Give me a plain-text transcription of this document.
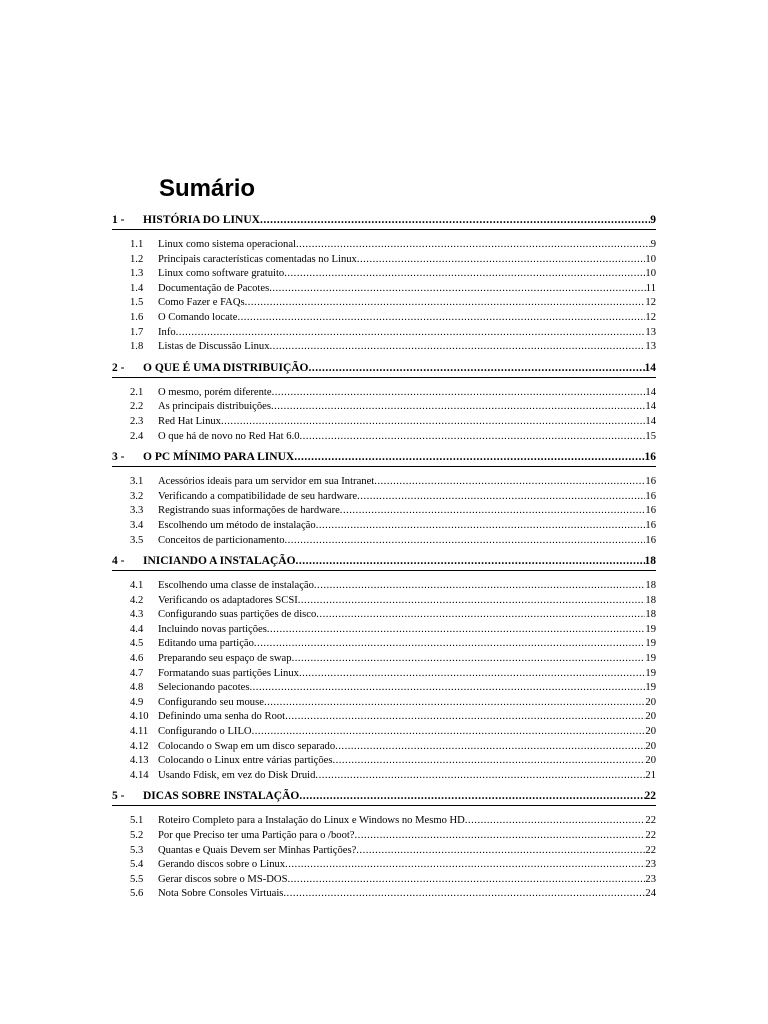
Sumário
1 -	HISTÓRIA DO LINUX .....	9
1.1	Linux como sistema operacional .....	9
1.2	Principais características comentadas no Linux .....	10
1.3	Linux como software gratuito .....	10
1.4	Documentação de Pacotes .....	11
1.5	Como Fazer e FAQs .....	12
1.6	O Comando locate .....	12
1.7	Info .....	13
1.8	Listas de Discussão Linux .....	13
2 -	O QUE É UMA DISTRIBUIÇÃO .....	14
2.1	O mesmo, porém diferente .....	14
2.2	As principais distribuições .....	14
2.3	Red Hat Linux .....	14
2.4	O que há de novo no Red Hat 6.0 .....	15
3 -	O PC MÍNIMO PARA LINUX .....	16
3.1	Acessórios ideais para um servidor em sua Intranet .....	16
3.2	Verificando a compatibilidade de seu hardware .....	16
3.3	Registrando suas informações de hardware .....	16
3.4	Escolhendo um método de instalação .....	16
3.5	Conceitos de particionamento .....	16
4 -	INICIANDO A INSTALAÇÃO .....	18
4.1	Escolhendo uma classe de instalação .....	18
4.2	Verificando os adaptadores SCSI .....	18
4.3	Configurando suas partições de disco .....	18
4.4	Incluindo novas partições .....	19
4.5	Editando uma partição .....	19
4.6	Preparando seu espaço de swap .....	19
4.7	Formatando suas partições Linux .....	19
4.8	Selecionando pacotes .....	19
4.9	Configurando seu mouse .....	20
4.10 Definindo uma senha do Root .....	20
4.11 Configurando o LILO .....	20
4.12 Colocando o Swap em um disco separado .....	20
4.13 Colocando o Linux entre várias partições .....	20
4.14 Usando Fdisk, em vez do Disk Druid .....	21
5 -	DICAS SOBRE INSTALAÇÃO .....	22
5.1	Roteiro Completo para a Instalação do Linux e Windows no Mesmo HD .....	22
5.2	Por que Preciso ter uma Partição para o /boot? .....	22
5.3	Quantas e Quais Devem ser Minhas Partições? .....	22
5.4	Gerando discos sobre o Linux .....	23
5.5	Gerar discos sobre o MS-DOS .....	23
5.6	Nota Sobre Consoles Virtuais .....	24
